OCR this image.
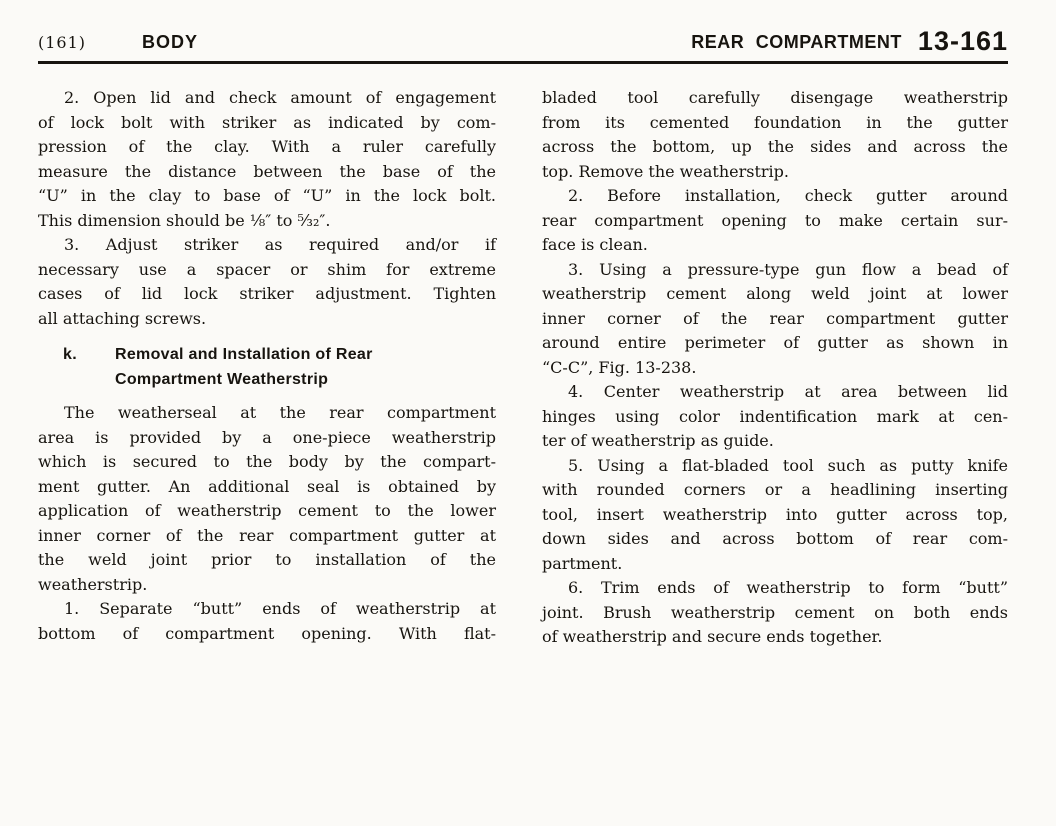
(161)	BODY	REAR COMPARTMENT 13-161

2. Open lid and check amount of engagement
of lock bolt with striker as indicated by com-
pression of the clay. With a ruler carefully
measure the distance between the base of the
“U” in the clay to base of “U” in the lock bolt.
This dimension should be ⅛″ to ⁵⁄₃₂″.

3. Adjust striker as required and/or if
necessary use a spacer or shim for extreme
cases of lid lock striker adjustment. Tighten
all attaching screws.

k. Removal and Installation of Rear
Compartment Weatherstrip

The weatherseal at the rear compartment
area is provided by a one-piece weatherstrip
which is secured to the body by the compart-
ment gutter. An additional seal is obtained by
application of weatherstrip cement to the lower
inner corner of the rear compartment gutter at
the weld joint prior to installation of the
weatherstrip.

1. Separate “butt” ends of weatherstrip at
bottom of compartment opening. With flat-

bladed tool carefully disengage weatherstrip
from its cemented foundation in the gutter
across the bottom, up the sides and across the
top. Remove the weatherstrip.

2. Before installation, check gutter around
rear compartment opening to make certain sur-
face is clean.

3. Using a pressure-type gun flow a bead of
weatherstrip cement along weld joint at lower
inner corner of the rear compartment gutter
around entire perimeter of gutter as shown in
“C-C”, Fig. 13-238.

4. Center weatherstrip at area between lid
hinges using color indentification mark at cen-
ter of weatherstrip as guide.

5. Using a flat-bladed tool such as putty knife
with rounded corners or a headlining inserting
tool, insert weatherstrip into gutter across top,
down sides and across bottom of rear com-
partment.

6. Trim ends of weatherstrip to form “butt”
joint. Brush weatherstrip cement on both ends
of weatherstrip and secure ends together.
